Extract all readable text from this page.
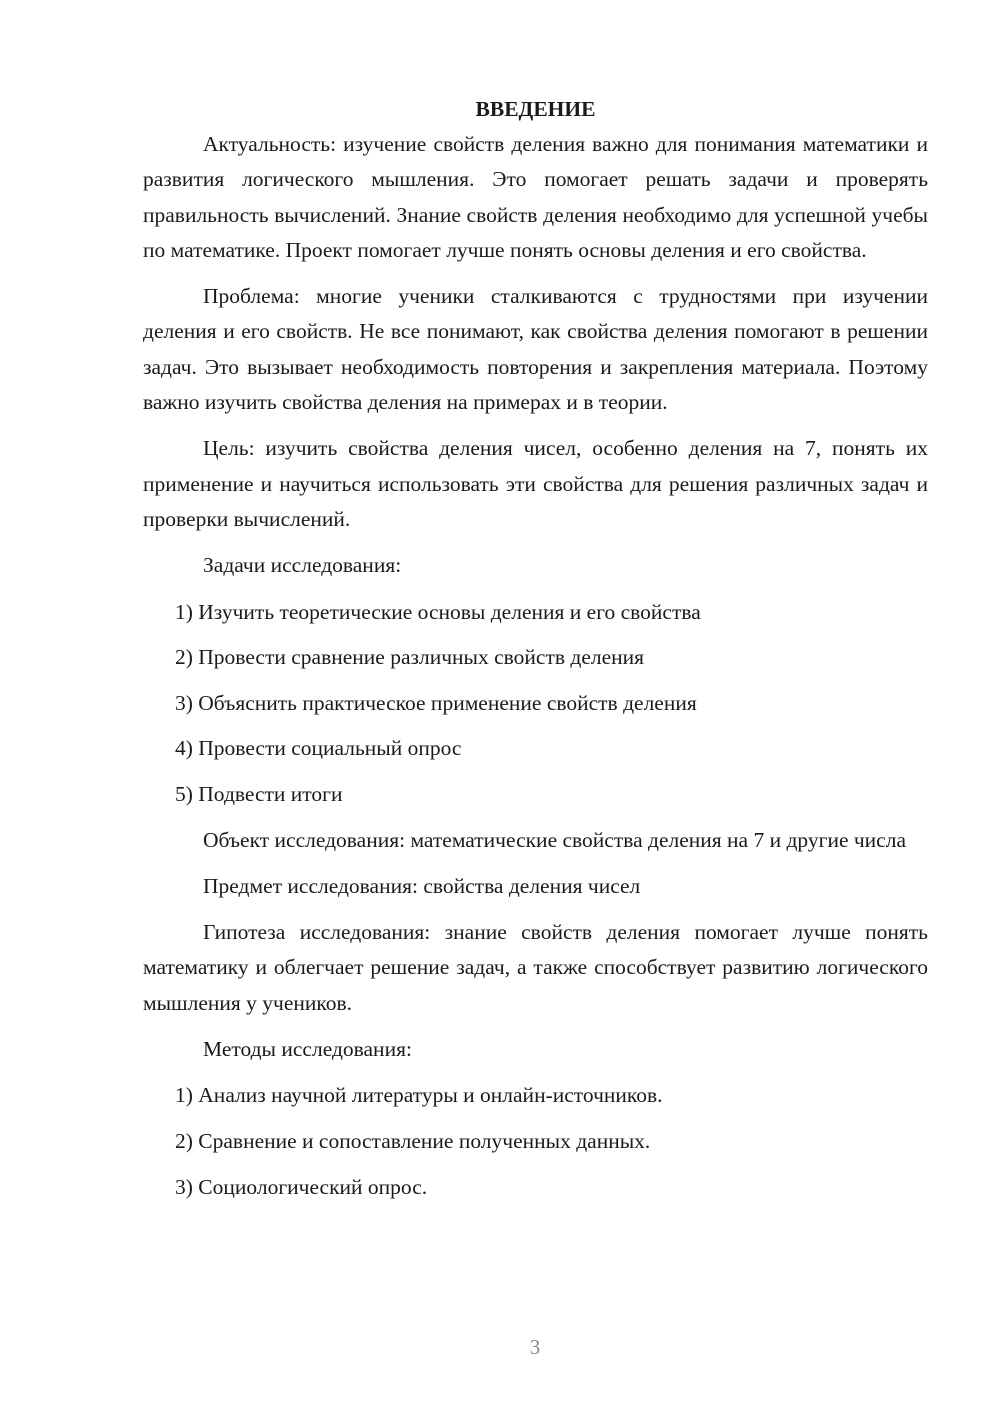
ВВЕДЕНИЕ

Актуальность: изучение свойств деления важно для понимания математики и развития логического мышления. Это помогает решать задачи и проверять правильность вычислений. Знание свойств деления необходимо для успешной учебы по математике. Проект помогает лучше понять основы деления и его свойства.

Проблема: многие ученики сталкиваются с трудностями при изучении деления и его свойств. Не все понимают, как свойства деления помогают в решении задач. Это вызывает необходимость повторения и закрепления материала. Поэтому важно изучить свойства деления на примерах и в теории.

Цель: изучить свойства деления чисел, особенно деления на 7, понять их применение и научиться использовать эти свойства для решения различных задач и проверки вычислений.

Задачи исследования:

1) Изучить теоретические основы деления и его свойства
2) Провести сравнение различных свойств деления
3) Объяснить практическое применение свойств деления
4) Провести социальный опрос
5) Подвести итоги

Объект исследования: математические свойства деления на 7 и другие числа

Предмет исследования: свойства деления чисел

Гипотеза исследования: знание свойств деления помогает лучше понять математику и облегчает решение задач, а также способствует развитию логического мышления у учеников.

Методы исследования:

1) Анализ научной литературы и онлайн-источников.
2) Сравнение и сопоставление полученных данных.
3) Социологический опрос.
3
